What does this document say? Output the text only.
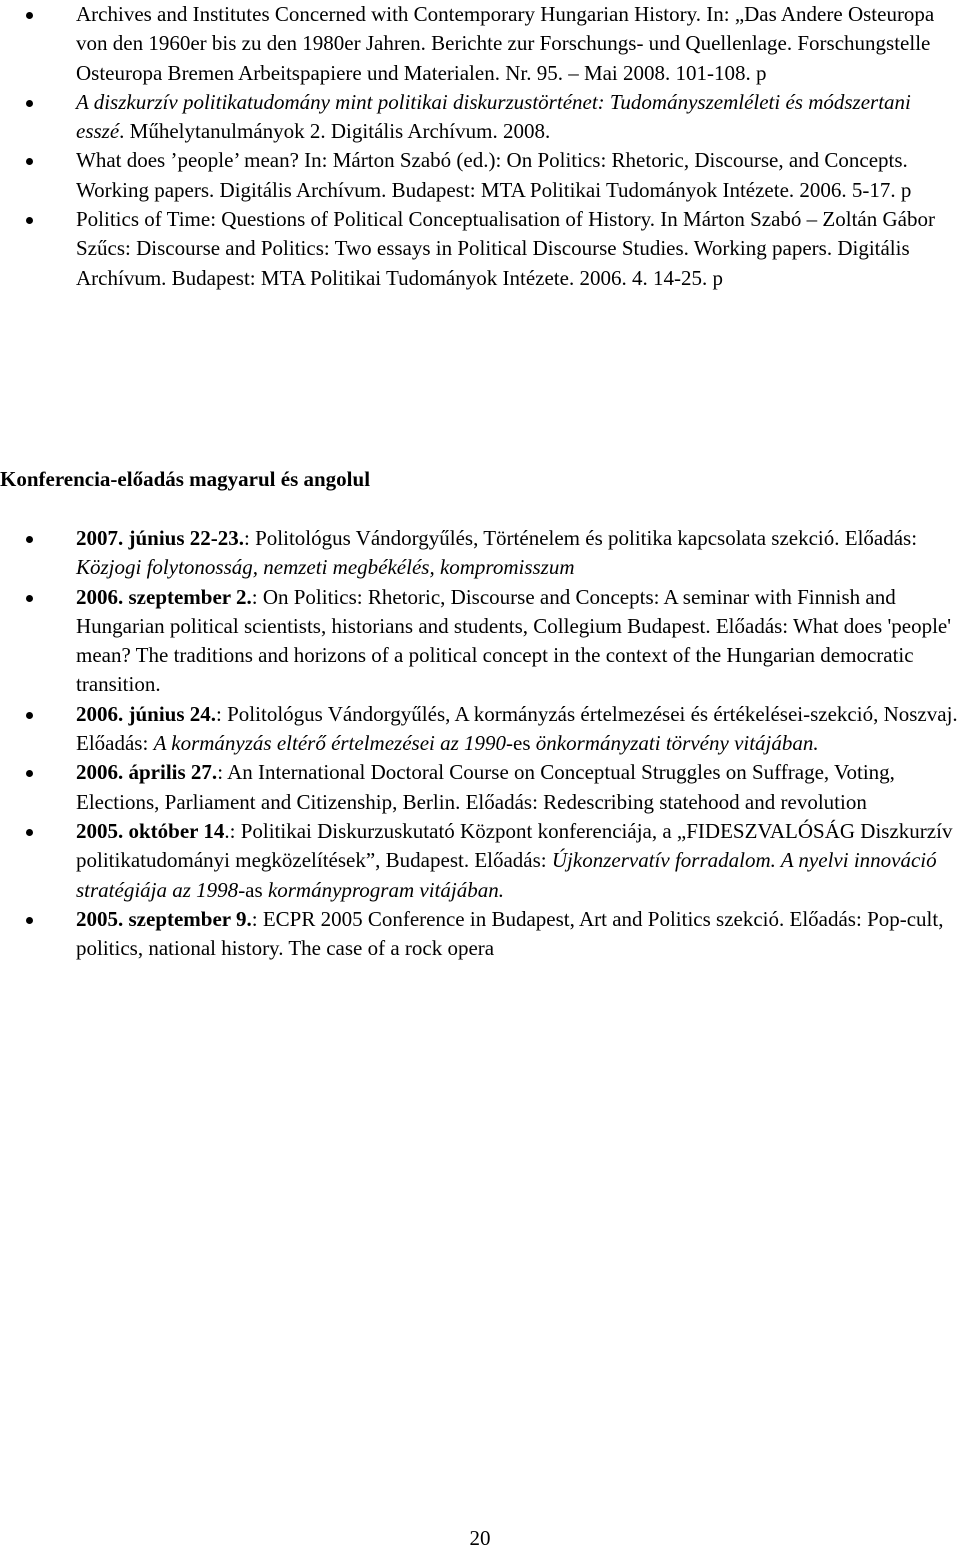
Archives and Institutes Concerned with Contemporary Hungarian History. In: „Das Andere Osteuropa von den 1960er bis zu den 1980er Jahren. Berichte zur Forschungs- und Quellenlage. Forschungstelle Osteuropa Bremen Arbeitspapiere und Materialen. Nr. 95. – Mai 2008. 101-108. p
A diszkurzív politikatudomány mint politikai diskurzustörténet: Tudományszemléleti és módszertani esszé. Műhelytanulmányok 2. Digitális Archívum. 2008.
What does ’people’ mean? In: Márton Szabó (ed.): On Politics: Rhetoric, Discourse, and Concepts. Working papers. Digitális Archívum. Budapest: MTA Politikai Tudományok Intézete. 2006. 5-17. p
Politics of Time: Questions of Political Conceptualisation of History. In Márton Szabó – Zoltán Gábor Szűcs: Discourse and Politics: Two essays in Political Discourse Studies. Working papers. Digitális Archívum. Budapest: MTA Politikai Tudományok Intézete. 2006. 4. 14-25. p
Konferencia-előadás magyarul és angolul
2007. június 22-23.: Politológus Vándorgyűlés, Történelem és politika kapcsolata szekció. Előadás: Közjogi folytonosság, nemzeti megbékélés, kompromisszum
2006. szeptember 2.: On Politics: Rhetoric, Discourse and Concepts: A seminar with Finnish and Hungarian political scientists, historians and students, Collegium Budapest. Előadás: What does 'people' mean? The traditions and horizons of a political concept in the context of the Hungarian democratic transition.
2006. június 24.: Politológus Vándorgyűlés, A kormányzás értelmezései és értékelései-szekció, Noszvaj. Előadás: A kormányzás eltérő értelmezései az 1990-es önkormányzati törvény vitájában.
2006. április 27.: An International Doctoral Course on Conceptual Struggles on Suffrage, Voting, Elections, Parliament and Citizenship, Berlin. Előadás: Redescribing statehood and revolution
2005. október 14.: Politikai Diskurzuskutató Központ konferenciája, a „FIDESZVALÓSÁG Diszkurzív politikatudományi megközelítések”, Budapest. Előadás: Újkonzervatív forradalom. A nyelvi innováció stratégiája az 1998-as kormányprogram vitájában.
2005. szeptember 9.: ECPR 2005 Conference in Budapest, Art and Politics szekció. Előadás: Pop-cult, politics, national history. The case of a rock opera
20
